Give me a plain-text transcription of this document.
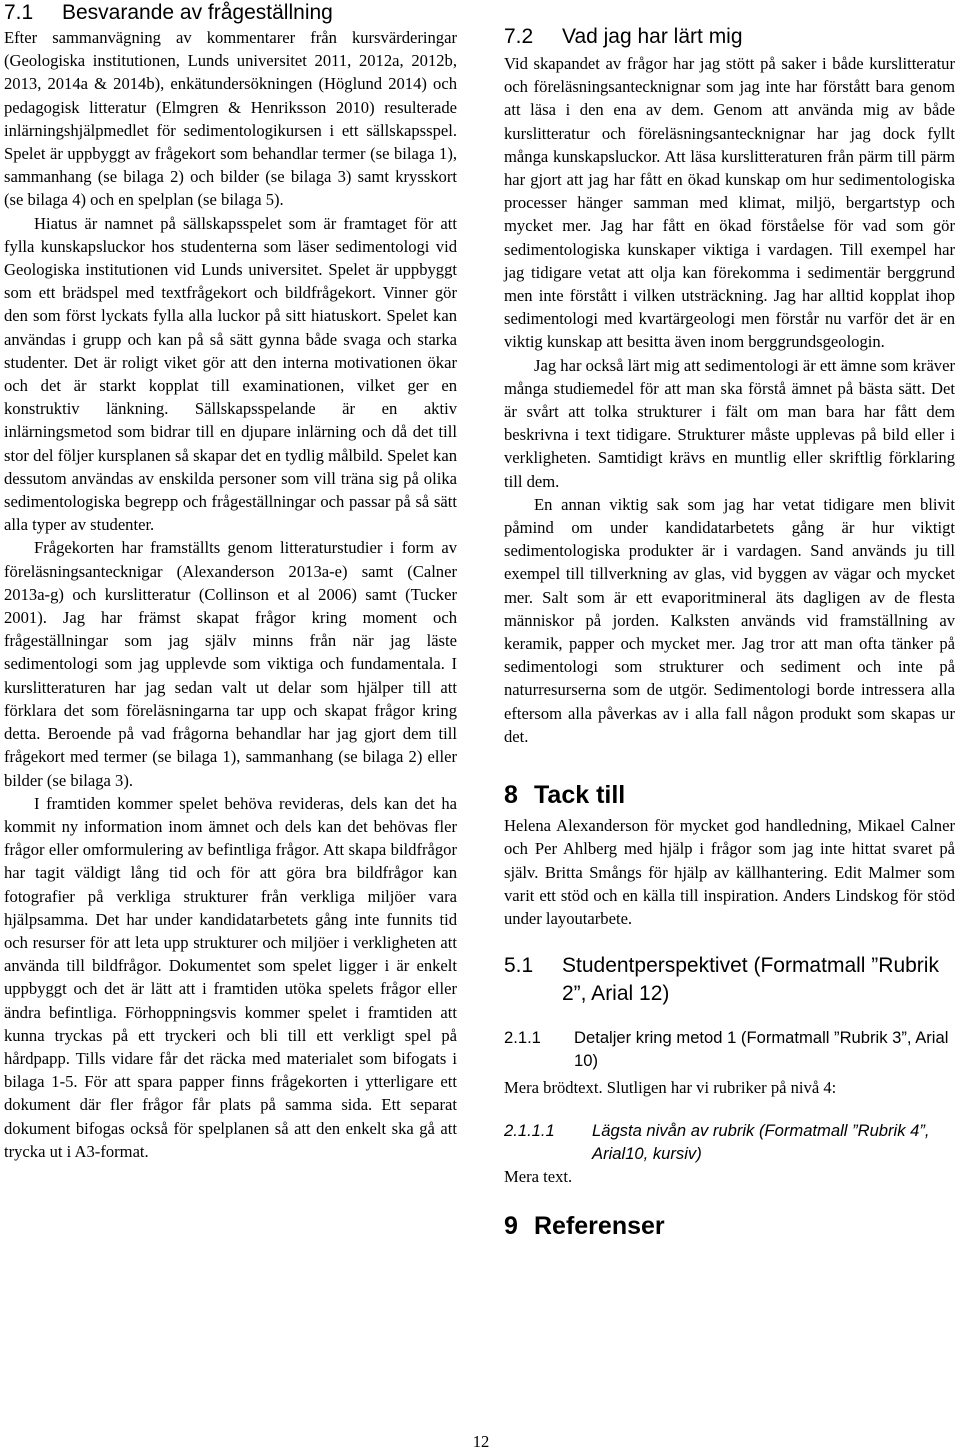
7.1	Besvarande av frågeställning

Efter sammanvägning av kommentarer från kursvärderingar (Geologiska institutionen, Lunds universitet 2011, 2012a, 2012b, 2013, 2014a & 2014b), enkätundersökningen (Höglund 2014) och pedagogisk litteratur (Elmgren & Henriksson 2010) resulterade inlärningshjälpmedlet för sedimentologikursen i ett sällskapsspel. Spelet är uppbyggt av frågekort som behandlar termer (se bilaga 1), sammanhang (se bilaga 2) och bilder (se bilaga 3) samt krysskort (se bilaga 4) och en spelplan (se bilaga 5).

Hiatus är namnet på sällskapsspelet som är framtaget för att fylla kunskapsluckor hos studenterna som läser sedimentologi vid Geologiska institutionen vid Lunds universitet. Spelet är uppbyggt som ett brädspel med textfrågekort och bildfrågekort. Vinner gör den som först lyckats fylla alla luckor på sitt hiatuskort. Spelet kan användas i grupp och kan på så sätt gynna både svaga och starka studenter. Det är roligt viket gör att den interna motivationen ökar och det är starkt kopplat till examinationen, vilket ger en konstruktiv länkning. Sällskapsspelande är en aktiv inlärningsmetod som bidrar till en djupare inlärning och då det till stor del följer kursplanen så skapar det en tydlig målbild. Spelet kan dessutom användas av enskilda personer som vill träna sig på olika sedimentologiska begrepp och frågeställningar och passar på så sätt alla typer av studenter.

Frågekorten har framställts genom litteraturstudier i form av föreläsningsantecknigar (Alexanderson 2013a-e) samt (Calner 2013a-g) och kurslitteratur (Collinson et al 2006) samt (Tucker 2001). Jag har främst skapat frågor kring moment och frågeställningar som jag själv minns från när jag läste sedimentologi som jag upplevde som viktiga och fundamentala. I kurslitteraturen har jag sedan valt ut delar som hjälper till att förklara det som föreläsningarna tar upp och skapat frågor kring detta. Beroende på vad frågorna behandlar har jag gjort dem till frågekort med termer (se bilaga 1), sammanhang (se bilaga 2) eller bilder (se bilaga 3).

I framtiden kommer spelet behöva revideras, dels kan det ha kommit ny information inom ämnet och dels kan det behövas fler frågor eller omformulering av befintliga frågor. Att skapa bildfrågor har tagit väldigt lång tid och för att göra bra bildfrågor kan fotografier på verkliga strukturer från verkliga miljöer vara hjälpsamma. Det har under kandidatarbetets gång inte funnits tid och resurser för att leta upp strukturer och miljöer i verkligheten att använda till bildfrågor. Dokumentet som spelet ligger i är enkelt uppbyggt och det är lätt att i framtiden utöka spelets frågor eller ändra befintliga. Förhoppningsvis kommer spelet i framtiden att kunna tryckas på ett tryckeri och bli till ett verkligt spel på hårdpapp. Tills vidare får det räcka med materialet som bifogats i bilaga 1-5. För att spara papper finns frågekorten i ytterligare ett dokument där fler frågor får plats på samma sida. Ett separat dokument bifogas också för spelplanen så att den enkelt ska gå att trycka ut i A3-format.

7.2	Vad jag har lärt mig

Vid skapandet av frågor har jag stött på saker i både kurslitteratur och föreläsningsantecknignar som jag inte har förstått bara genom att läsa i den ena av dem. Genom att använda mig av både kurslitteratur och föreläsningsantecknignar har jag dock fyllt många kunskapsluckor. Att läsa kurslitteraturen från pärm till pärm har gjort att jag har fått en ökad kunskap om hur sedimentologiska processer hänger samman med klimat, miljö, bergartstyp och mycket mer. Jag har fått en ökad förståelse för vad som gör sedimentologiska kunskaper viktiga i vardagen. Till exempel har jag tidigare vetat att olja kan förekomma i sedimentär berggrund men inte förstått i vilken utsträckning. Jag har alltid kopplat ihop sedimentologi med kvartärgeologi men förstår nu varför det är en viktig kunskap att besitta även inom berggrundsgeologin.

Jag har också lärt mig att sedimentologi är ett ämne som kräver många studiemedel för att man ska förstå ämnet på bästa sätt. Det är svårt att tolka strukturer i fält om man bara har fått dem beskrivna i text tidigare. Strukturer måste upplevas på bild eller i verkligheten. Samtidigt krävs en muntlig eller skriftlig förklaring till dem.

En annan viktig sak som jag har vetat tidigare men blivit påmind om under kandidatarbetets gång är hur viktigt sedimentologiska produkter är i vardagen. Sand används ju till exempel till tillverkning av glas, vid byggen av vägar och mycket mer. Salt som är ett evaporitmineral äts dagligen av de flesta människor på jorden. Kalksten används vid framställning av keramik, papper och mycket mer. Jag tror att man ofta tänker på sedimentologi som strukturer och sediment och inte på naturresurserna som de utgör. Sedimentologi borde intressera alla eftersom alla påverkas av i alla fall någon produkt som skapas ur det.

8 Tack till

Helena Alexanderson för mycket god handledning, Mikael Calner och Per Ahlberg med hjälp i frågor som jag inte hittat svaret på själv. Britta Smångs för hjälp av källhantering. Edit Malmer som varit ett stöd och en källa till inspiration. Anders Lindskog för stöd under layoutarbete.

5.1	Studentperspektivet (Formatmall ”Rubrik 2”, Arial 12)
2.1.1	Detaljer kring metod 1 (Formatmall ”Rubrik 3”, Arial 10)

Mera brödtext. Slutligen har vi rubriker på nivå 4:

2.1.1.1	Lägsta nivån av rubrik (Formatmall ”Rubrik 4”, Arial10, kursiv)

Mera text.

9 Referenser
12
